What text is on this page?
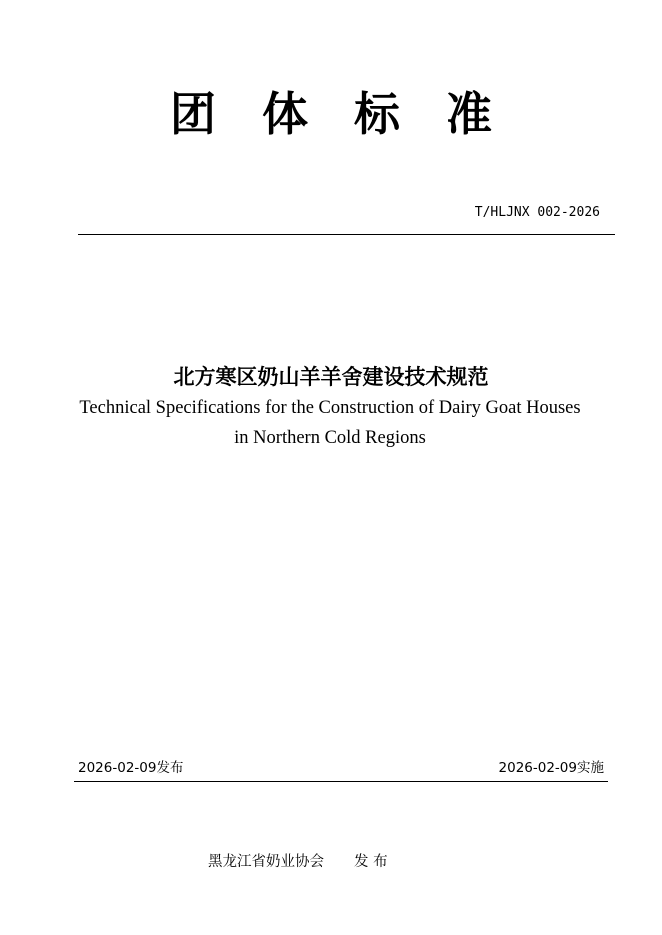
团 体 标 准
T/HLJNX 002-2026
北方寒区奶山羊羊舍建设技术规范
Technical Specifications for the Construction of Dairy Goat Houses in Northern Cold Regions
2026-02-09发布	2026-02-09实施
黑龙江省奶业协会 发 布
